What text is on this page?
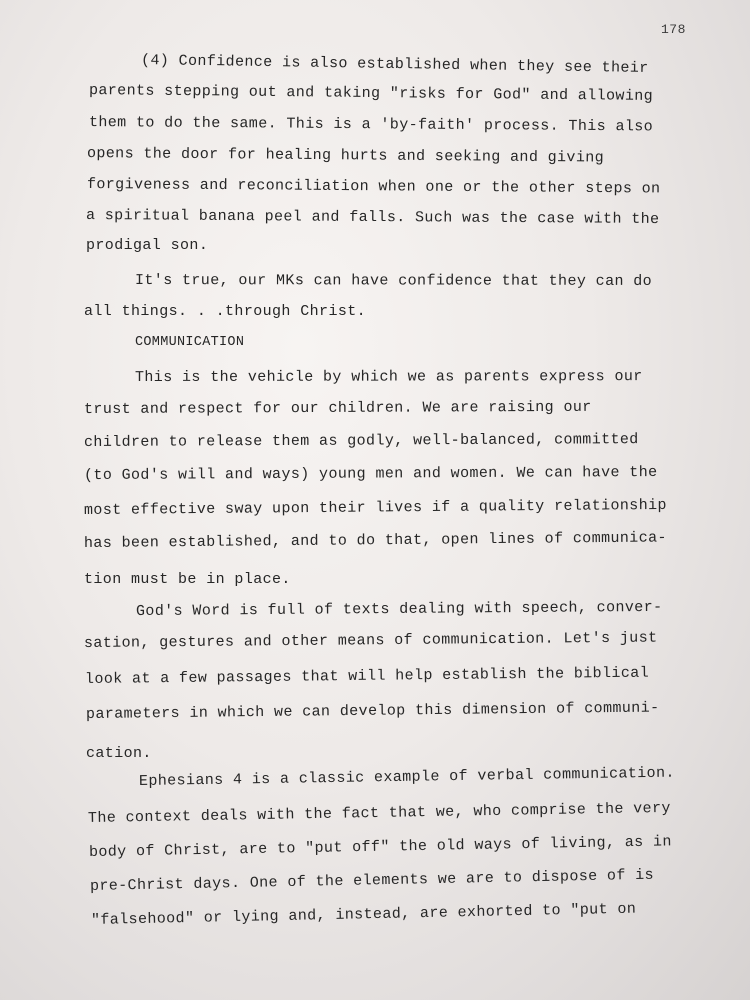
178
(4) Confidence is also established when they see their
parents stepping out and taking "risks for God" and allowing
them to do the same. This is a 'by-faith' process. This also
opens the door for healing hurts and seeking and giving
forgiveness and reconciliation when one or the other steps on
a spiritual banana peel and falls. Such was the case with the
prodigal son.
It's true, our MKs can have confidence that they can do
all things. . .through Christ.
COMMUNICATION
This is the vehicle by which we as parents express our
trust and respect for our children. We are raising our
children to release them as godly, well-balanced, committed
(to God's will and ways) young men and women. We can have the
most effective sway upon their lives if a quality relationship
has been established, and to do that, open lines of communica-
tion must be in place.
God's Word is full of texts dealing with speech, conver-
sation, gestures and other means of communication. Let's just
look at a few passages that will help establish the biblical
parameters in which we can develop this dimension of communi-
cation.
Ephesians 4 is a classic example of verbal communication.
The context deals with the fact that we, who comprise the very
body of Christ, are to "put off" the old ways of living, as in
pre-Christ days. One of the elements we are to dispose of is
"falsehood" or lying and, instead, are exhorted to "put on
